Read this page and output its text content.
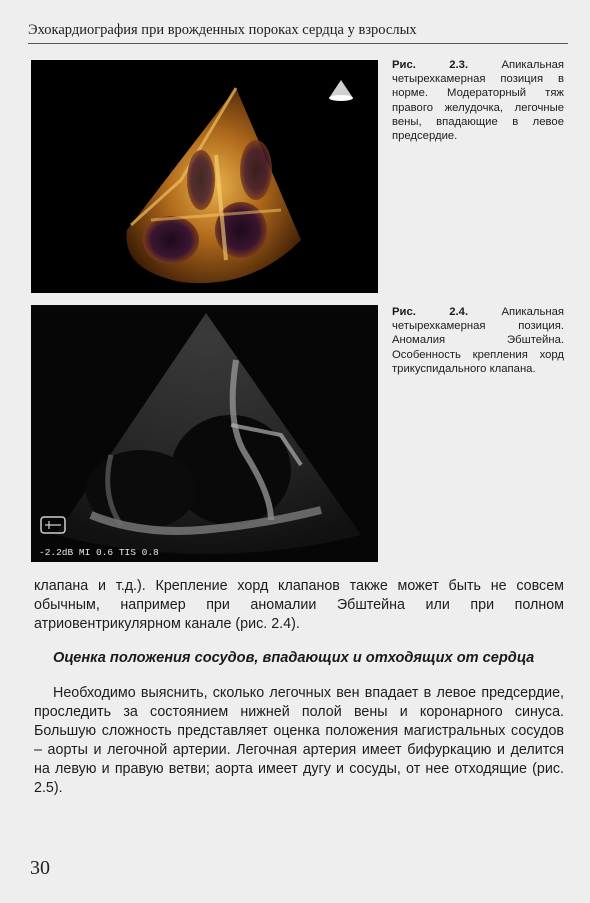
Эхокардиография при врожденных пороках сердца у взрослых
Рис. 2.3.	Апикальная четырехкамерная позиция в норме. Модераторный тяж правого желудочка, легочные вены, впадающие в левое предсердие.
-2.2dB MI 0.6 TIS 0.8
Рис. 2.4.	Апикальная четырехкамерная позиция. Аномалия Эбштейна. Особенность крепления хорд трикуспидального клапана.
клапана и т.д.). Крепление хорд клапанов также может быть не совсем обычным, например при аномалии Эбштейна или при полном атриовентрикулярном канале (рис. 2.4).
Оценка положения сосудов, впадающих и отходящих от сердца
Необходимо выяснить, сколько легочных вен впадает в левое предсердие, проследить за состоянием нижней полой вены и коронарного синуса. Большую сложность представляет оценка положения магистральных сосудов – аорты и легочной артерии. Легочная артерия имеет бифуркацию и делится на левую и правую ветви; аорта имеет дугу и сосуды, от нее отходящие (рис. 2.5).
30
